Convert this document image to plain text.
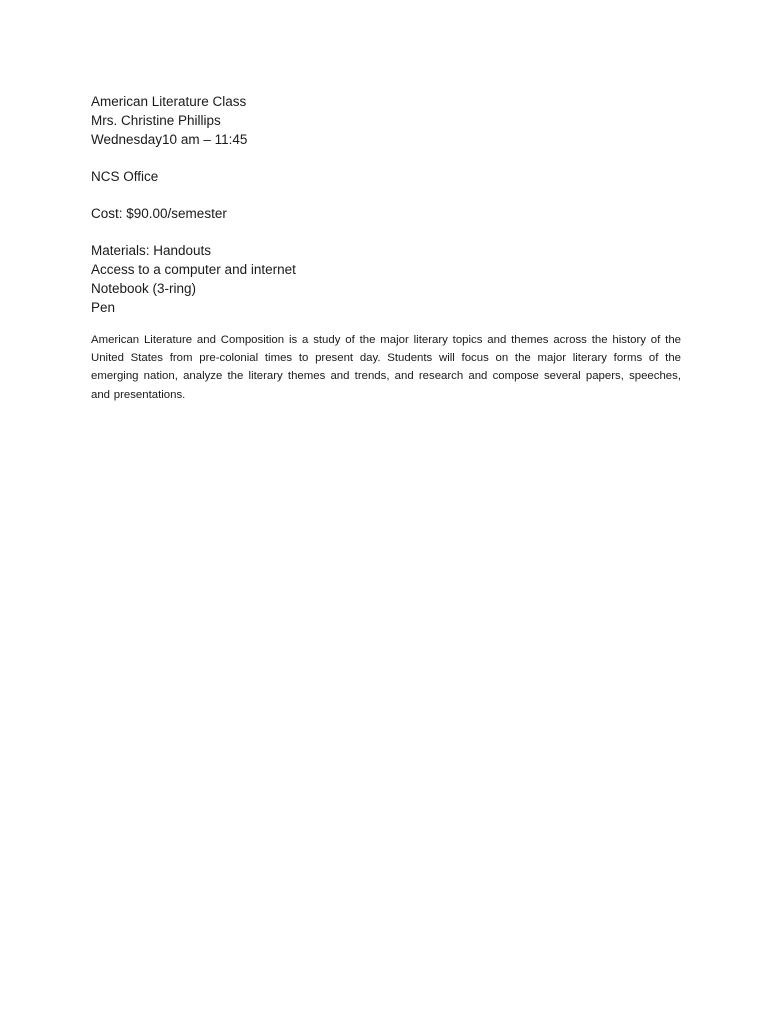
American Literature Class
Mrs. Christine Phillips
Wednesday10 am – 11:45
NCS Office
Cost: $90.00/semester
Materials: Handouts
Access to a computer and internet
Notebook (3-ring)
Pen

American Literature and Composition is a study of the major literary topics and themes across the history of the United States from pre-colonial times to present day. Students will focus on the major literary forms of the emerging nation, analyze the literary themes and trends, and research and compose several papers, speeches, and presentations.
